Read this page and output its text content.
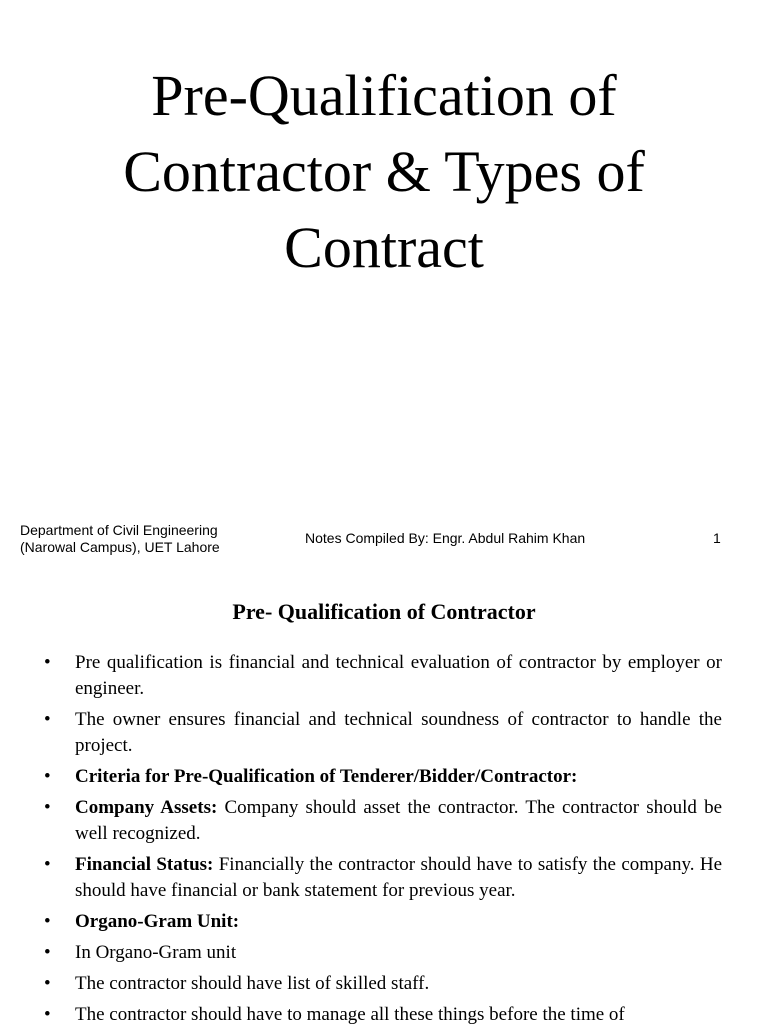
Pre-Qualification of
Contractor & Types of
Contract
Department of Civil Engineering
(Narowal Campus), UET Lahore
Notes Compiled By: Engr. Abdul Rahim Khan	1
Pre- Qualification of Contractor
• Pre qualification is financial and technical evaluation of contractor by employer or engineer.
• The owner ensures financial and technical soundness of contractor to handle the project.
• Criteria for Pre-Qualification of Tenderer/Bidder/Contractor:
• Company Assets: Company should asset the contractor. The contractor should be well recognized.
• Financial Status: Financially the contractor should have to satisfy the company. He should have financial or bank statement for previous year.
• Organo-Gram Unit:
• In Organo-Gram unit
• The contractor should have list of skilled staff.
• The contractor should have to manage all these things before the time of
